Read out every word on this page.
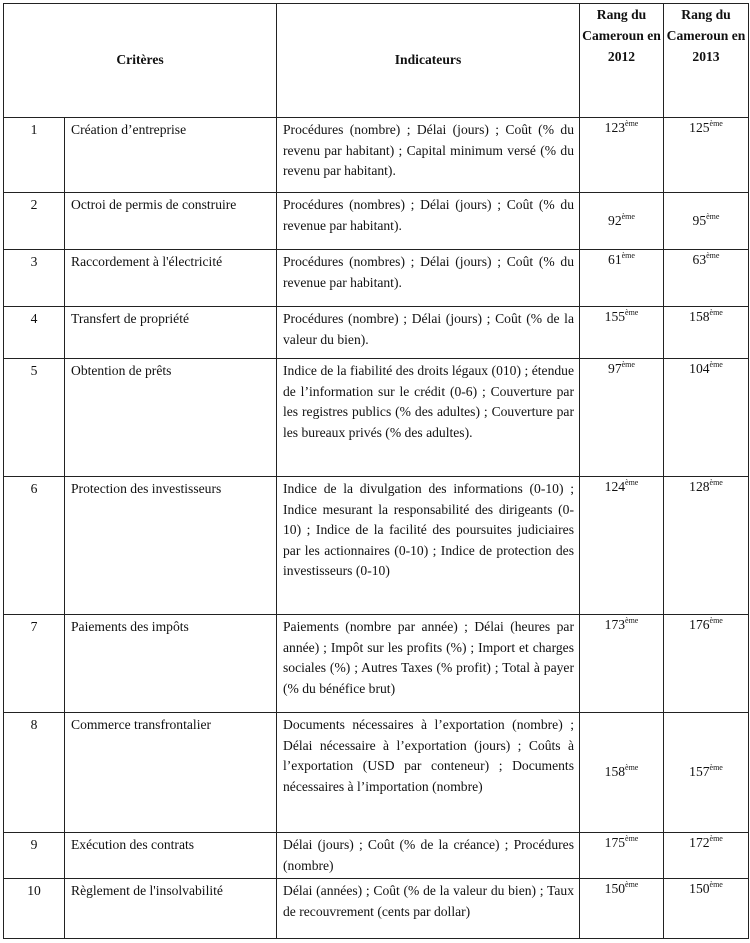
Critères		Indicateurs	Rang du Cameroun en 2012	Rang du Cameroun en 2013
1	Création d’entreprise	Procédures (nombre) ; Délai (jours) ; Coût (% du revenu par habitant) ; Capital minimum versé (% du revenu par habitant).	123ème	125ème
2	Octroi de permis de construire	Procédures (nombres) ; Délai (jours) ; Coût (% du revenue par habitant).	92ème	95ème
3	Raccordement à l'électricité	Procédures (nombres) ; Délai (jours) ; Coût (% du revenue par habitant).	61ème	63ème
4	Transfert de propriété	Procédures (nombre) ; Délai (jours) ; Coût (% de la valeur du bien).	155ème	158ème
5	Obtention de prêts	Indice de la fiabilité des droits légaux (010) ; étendue de l’information sur le crédit (0-6) ; Couverture par les registres publics (% des adultes) ; Couverture par les bureaux privés (% des adultes).	97ème	104ème
6	Protection des investisseurs	Indice de la divulgation des informations (0-10) ; Indice mesurant la responsabilité des dirigeants (0-10) ; Indice de la facilité des poursuites judiciaires par les actionnaires (0-10) ; Indice de protection des investisseurs (0-10)	124ème	128ème
7	Paiements des impôts	Paiements (nombre par année) ; Délai (heures par année) ; Impôt sur les profits (%) ; Import et charges sociales (%) ; Autres Taxes (% profit) ; Total à payer (% du bénéfice brut)	173ème	176ème
8	Commerce transfrontalier	Documents nécessaires à l’exportation (nombre) ; Délai nécessaire à l’exportation (jours) ; Coûts à l’exportation (USD par conteneur) ; Documents nécessaires à l’importation (nombre)	158ème	157ème
9	Exécution des contrats	Délai (jours) ; Coût (% de la créance) ; Procédures (nombre)	175ème	172ème
10	Règlement de l'insolvabilité	Délai (années) ; Coût (% de la valeur du bien) ; Taux de recouvrement (cents par dollar)	150ème	150ème
